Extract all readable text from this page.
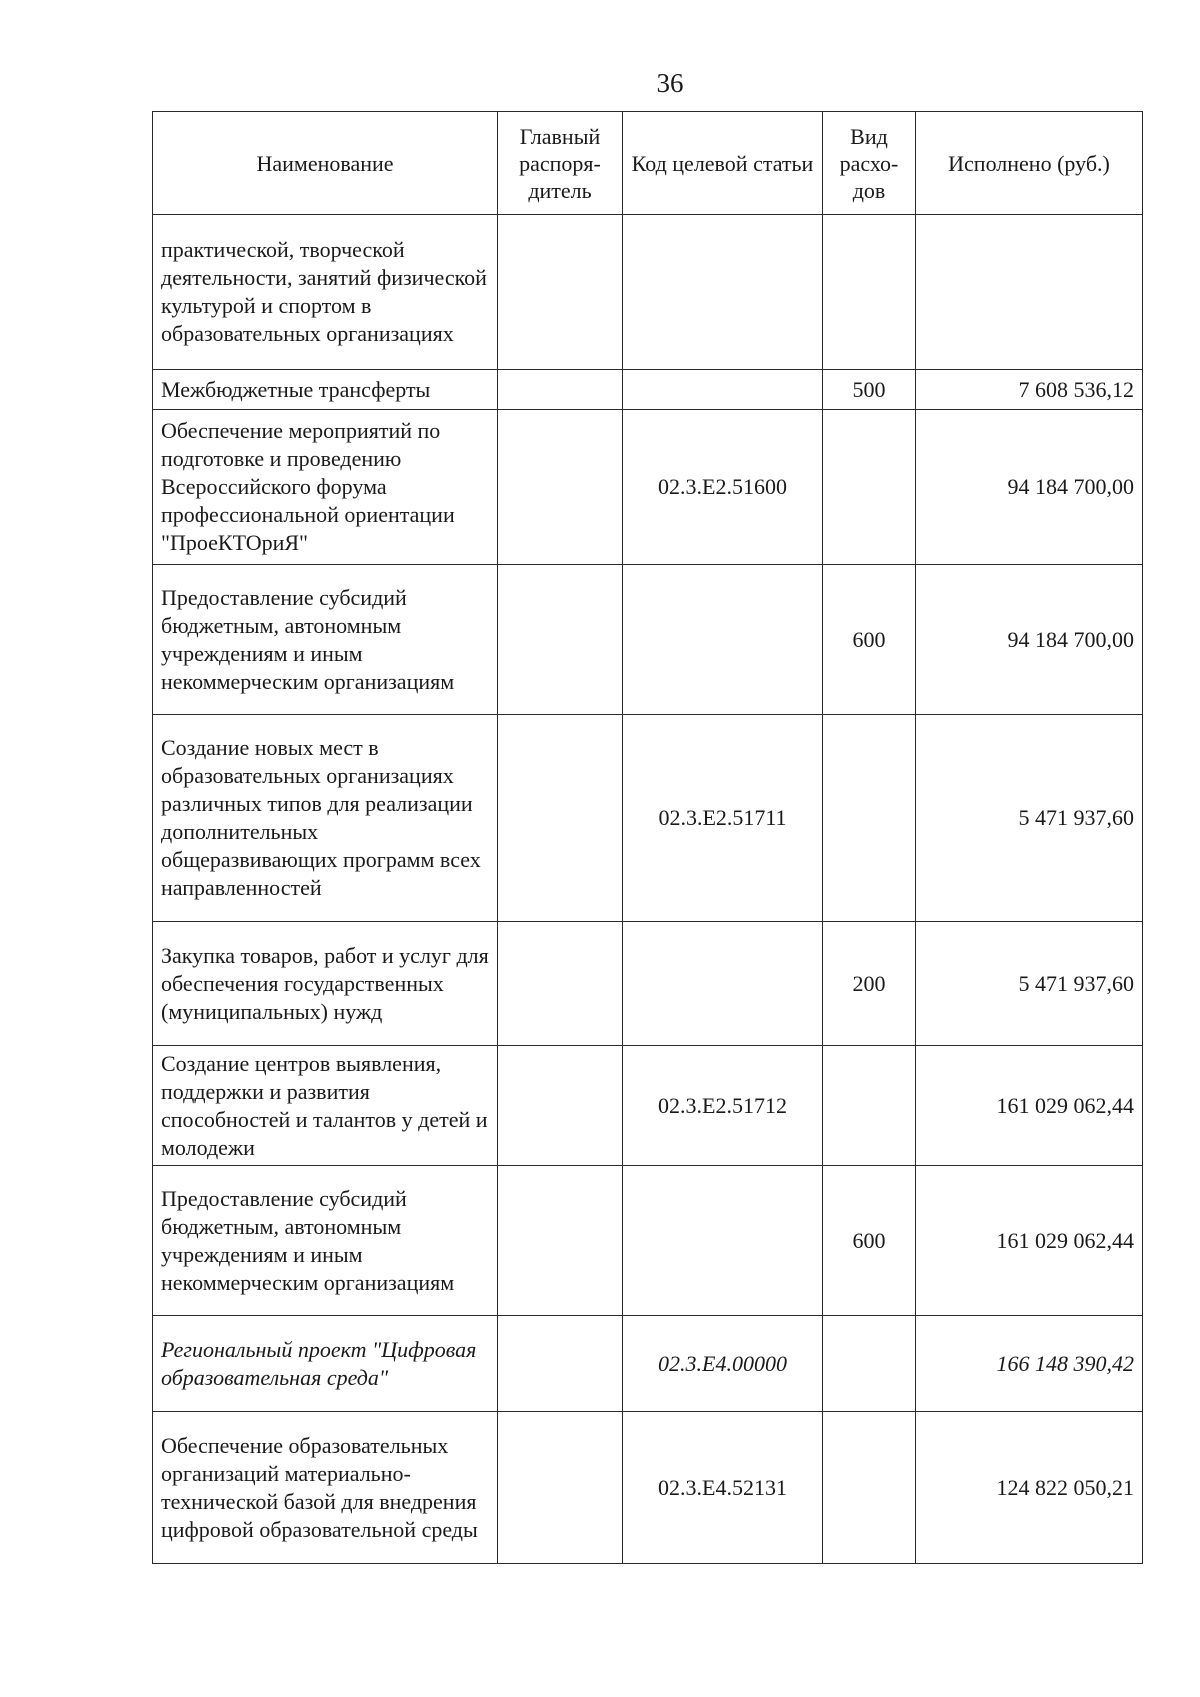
36
Наименование	Главный распоря-дитель	Код целевой статьи	Вид расхо-дов	Исполнено (руб.)
практической, творческой деятельности, занятий физической культурой и спортом в образовательных организациях				
Межбюджетные трансферты			500	7 608 536,12
Обеспечение мероприятий по подготовке и проведению Всероссийского форума профессиональной ориентации "ПроеКТОриЯ"		02.3.Е2.51600		94 184 700,00
Предоставление субсидий бюджетным, автономным учреждениям и иным некоммерческим организациям			600	94 184 700,00
Создание новых мест в образовательных организациях различных типов для реализации дополнительных общеразвивающих программ всех направленностей		02.3.Е2.51711		5 471 937,60
Закупка товаров, работ и услуг для обеспечения государственных (муниципальных) нужд			200	5 471 937,60
Создание центров выявления, поддержки и развития способностей и талантов у детей и молодежи		02.3.Е2.51712		161 029 062,44
Предоставление субсидий бюджетным, автономным учреждениям и иным некоммерческим организациям			600	161 029 062,44
Региональный проект "Цифровая образовательная среда"		02.3.Е4.00000		166 148 390,42
Обеспечение образовательных организаций материально-технической базой для внедрения цифровой образовательной среды		02.3.Е4.52131		124 822 050,21
